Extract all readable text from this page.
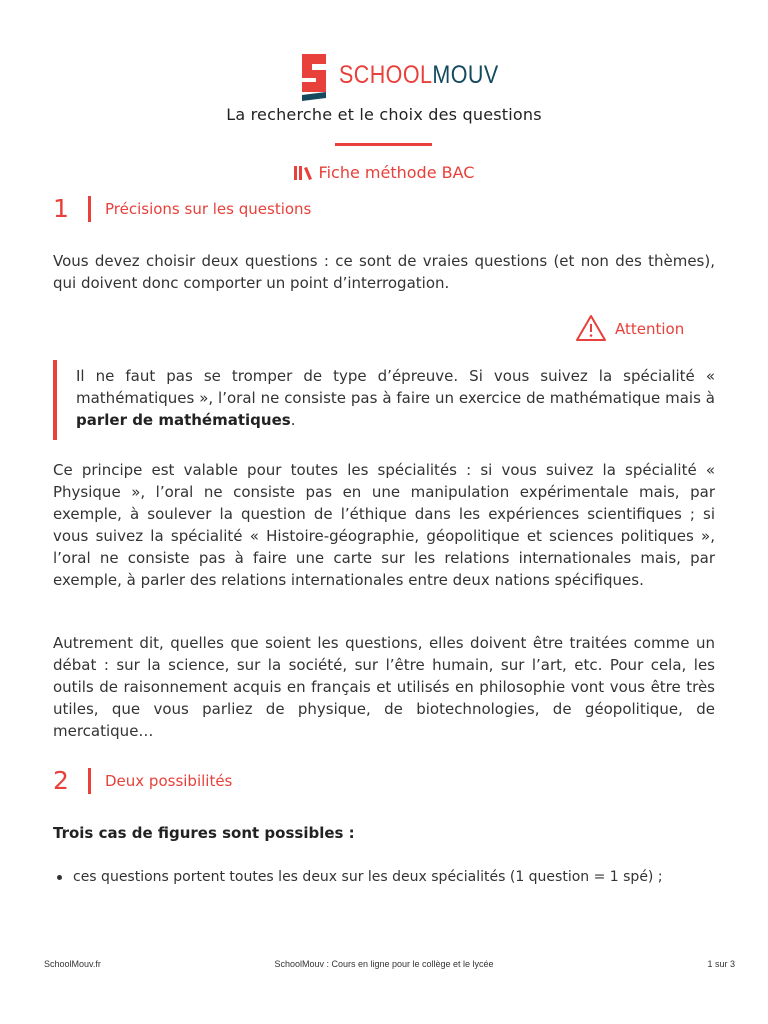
SCHOOLMOUV
La recherche et le choix des questions
Fiche méthode BAC
1 Précisions sur les questions

Vous devez choisir deux questions : ce sont de vraies questions (et non des thèmes), qui doivent donc comporter un point d’interrogation.

Attention

Il ne faut pas se tromper de type d’épreuve. Si vous suivez la spécialité « mathématiques », l’oral ne consiste pas à faire un exercice de mathématique mais à parler de mathématiques.

Ce principe est valable pour toutes les spécialités : si vous suivez la spécialité « Physique », l’oral ne consiste pas en une manipulation expérimentale mais, par exemple, à soulever la question de l’éthique dans les expériences scientifiques ; si vous suivez la spécialité « Histoire-géographie, géopolitique et sciences politiques », l’oral ne consiste pas à faire une carte sur les relations internationales mais, par exemple, à parler des relations internationales entre deux nations spécifiques.

Autrement dit, quelles que soient les questions, elles doivent être traitées comme un débat : sur la science, sur la société, sur l’être humain, sur l’art, etc. Pour cela, les outils de raisonnement acquis en français et utilisés en philosophie vont vous être très utiles, que vous parliez de physique, de biotechnologies, de géopolitique, de mercatique…

2 Deux possibilités
Trois cas de figures sont possibles :
ces questions portent toutes les deux sur les deux spécialités (1 question = 1 spé) ;
SchoolMouv.fr	SchoolMouv : Cours en ligne pour le collège et le lycée	1 sur 3
